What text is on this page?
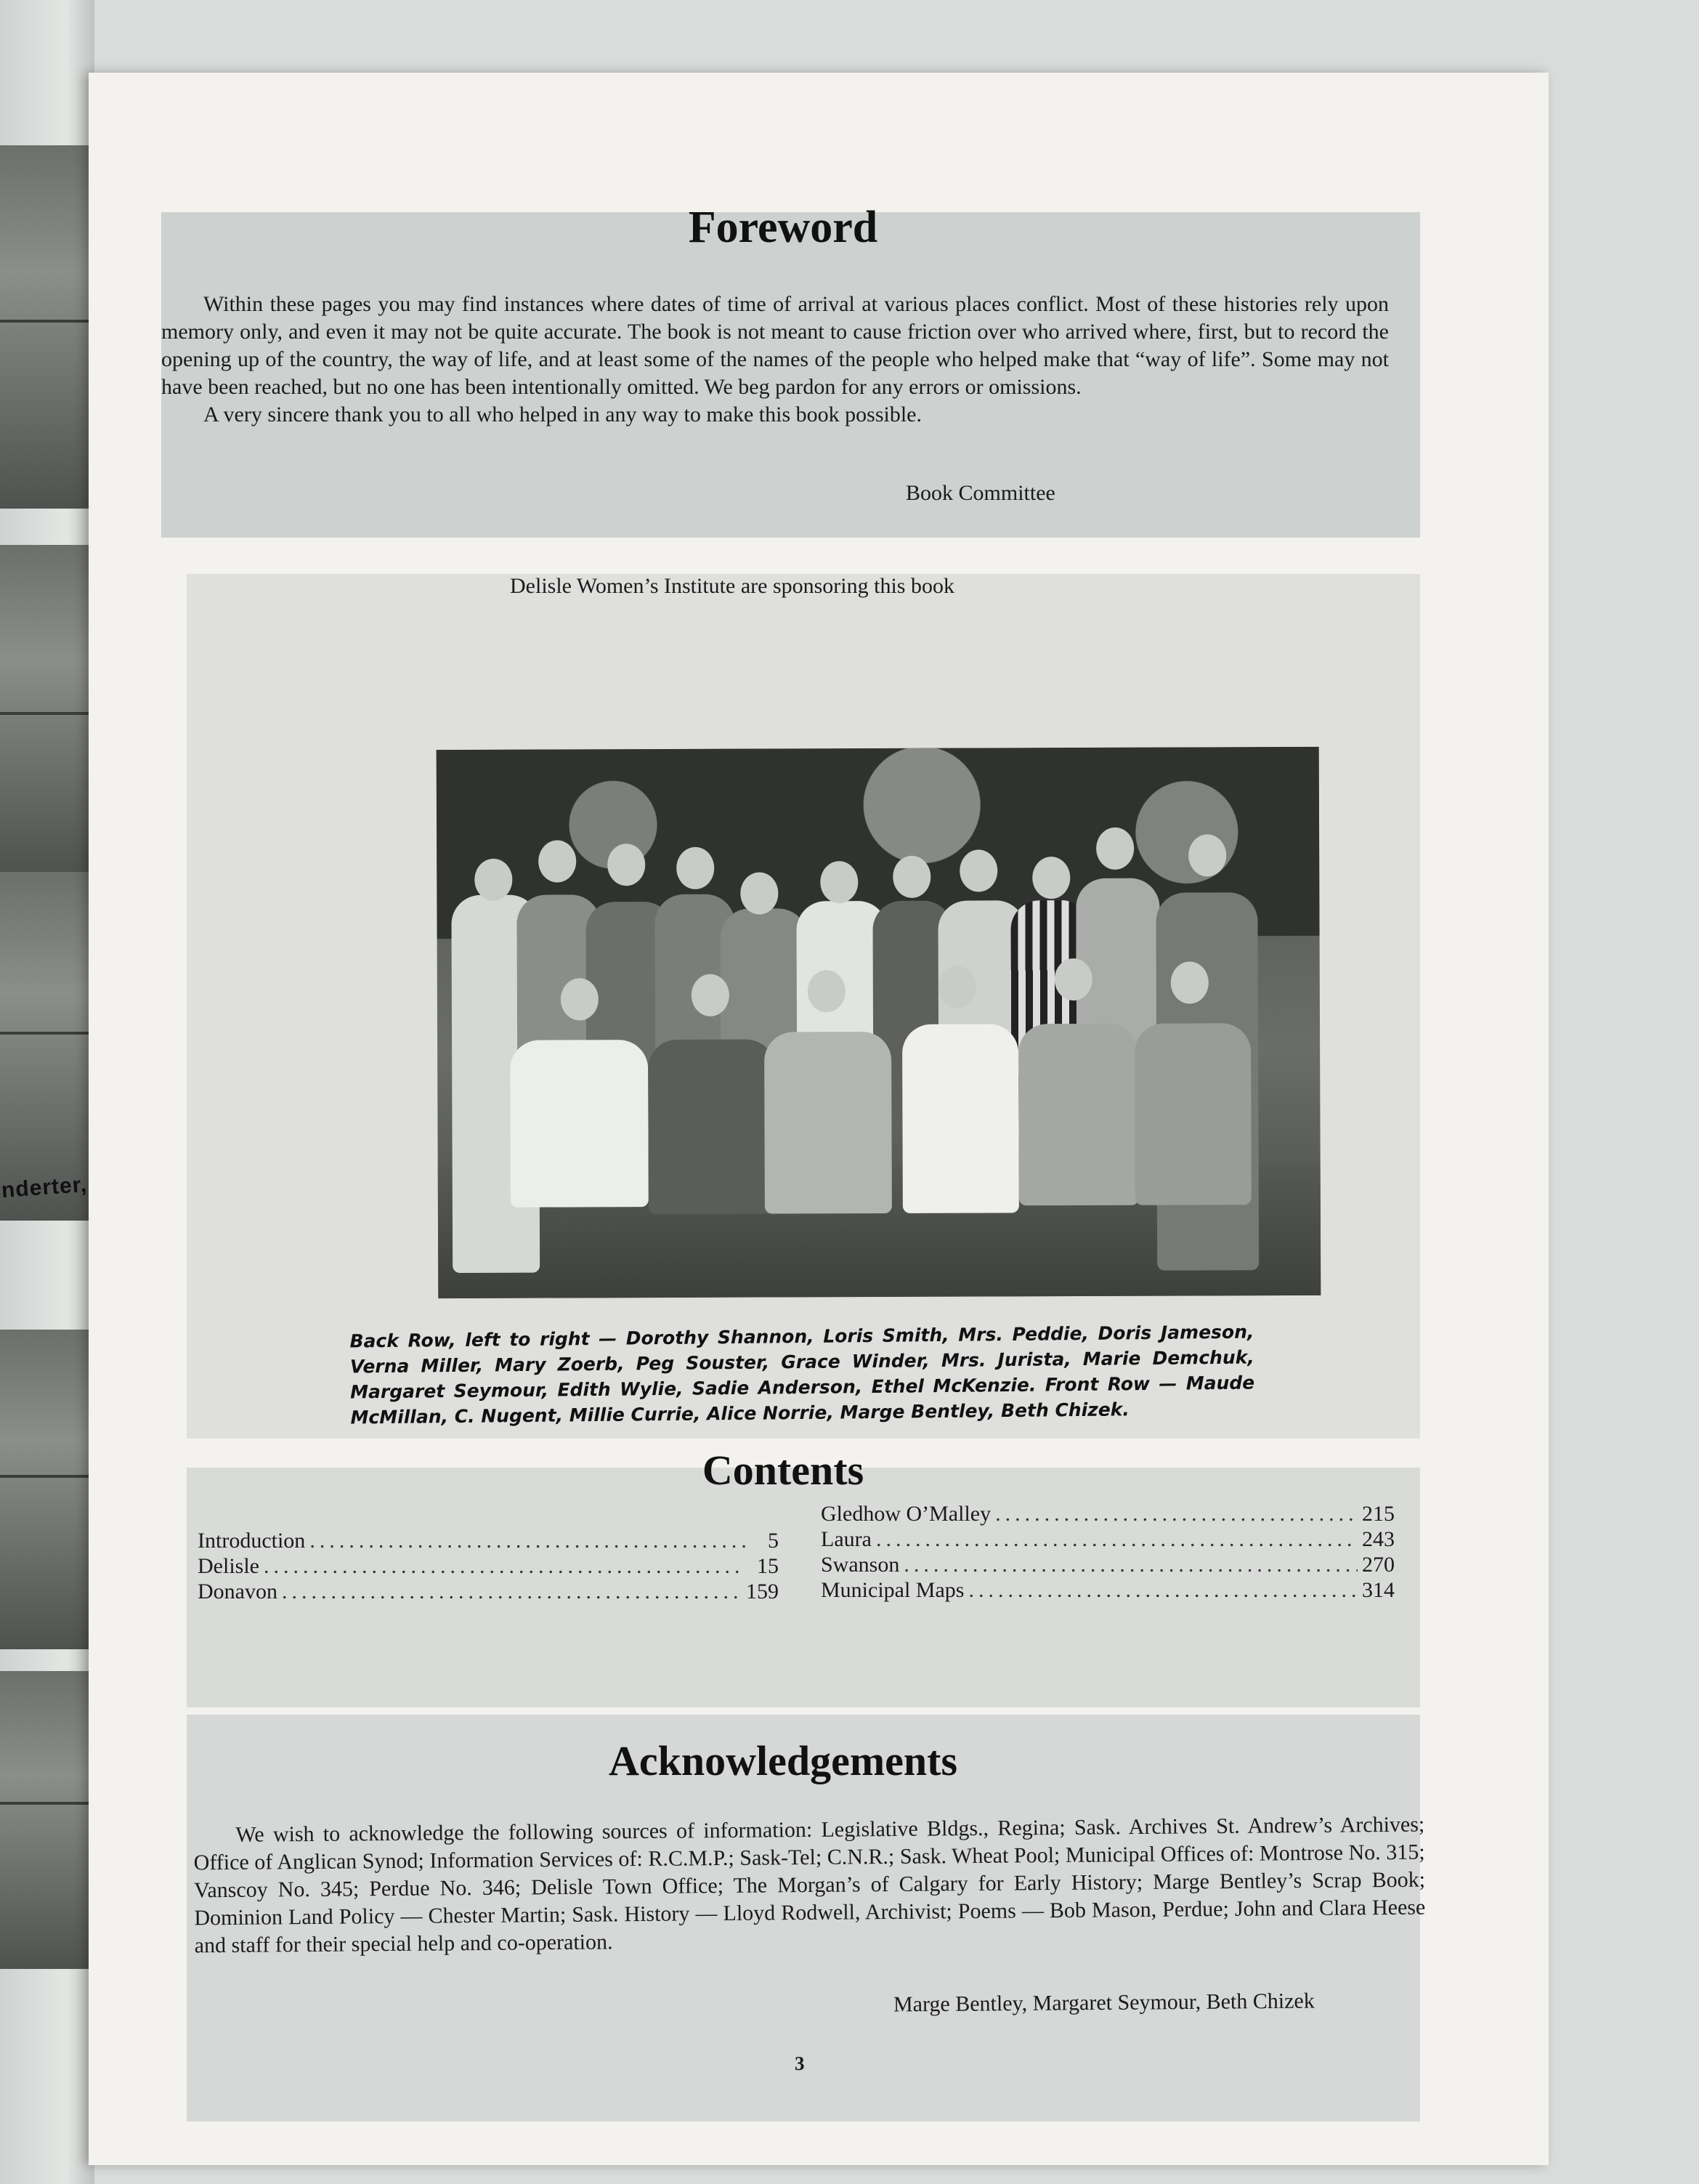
nderter,
Foreword

Within these pages you may find instances where dates of time of arrival at various places conflict. Most of these histories rely upon memory only, and even it may not be quite accurate. The book is not meant to cause friction over who arrived where, first, but to record the opening up of the country, the way of life, and at least some of the names of the people who helped make that “way of life”. Some may not have been reached, but no one has been intentionally omitted. We beg pardon for any errors or omissions.

A very sincere thank you to all who helped in any way to make this book possible.

Book Committee
Delisle Women’s Institute are sponsoring this book
Back Row, left to right — Dorothy Shannon, Loris Smith, Mrs. Peddie, Doris Jameson, Verna Miller, Mary Zoerb, Peg Souster, Grace Winder, Mrs. Jurista, Marie Demchuk, Margaret Seymour, Edith Wylie, Sadie Anderson, Ethel McKenzie. Front Row — Maude McMillan, C. Nugent, Millie Currie, Alice Norrie, Marge Bentley, Beth Chizek.
Contents
Introduction .....	5
Delisle .....	15
Donavon .....	159
Gledhow O’Malley .....	215
Laura .....	243
Swanson .....	270
Municipal Maps .....	314
Acknowledgements

We wish to acknowledge the following sources of information: Legislative Bldgs., Regina; Sask. Archives St. Andrew’s Archives; Office of Anglican Synod; Information Services of: R.C.M.P.; Sask-Tel; C.N.R.; Sask. Wheat Pool; Municipal Offices of: Montrose No. 315; Vanscoy No. 345; Perdue No. 346; Delisle Town Office; The Morgan’s of Calgary for Early History; Marge Bentley’s Scrap Book; Dominion Land Policy — Chester Martin; Sask. History — Lloyd Rodwell, Archivist; Poems — Bob Mason, Perdue; John and Clara Heese and staff for their special help and co-operation.

Marge Bentley, Margaret Seymour, Beth Chizek
3
